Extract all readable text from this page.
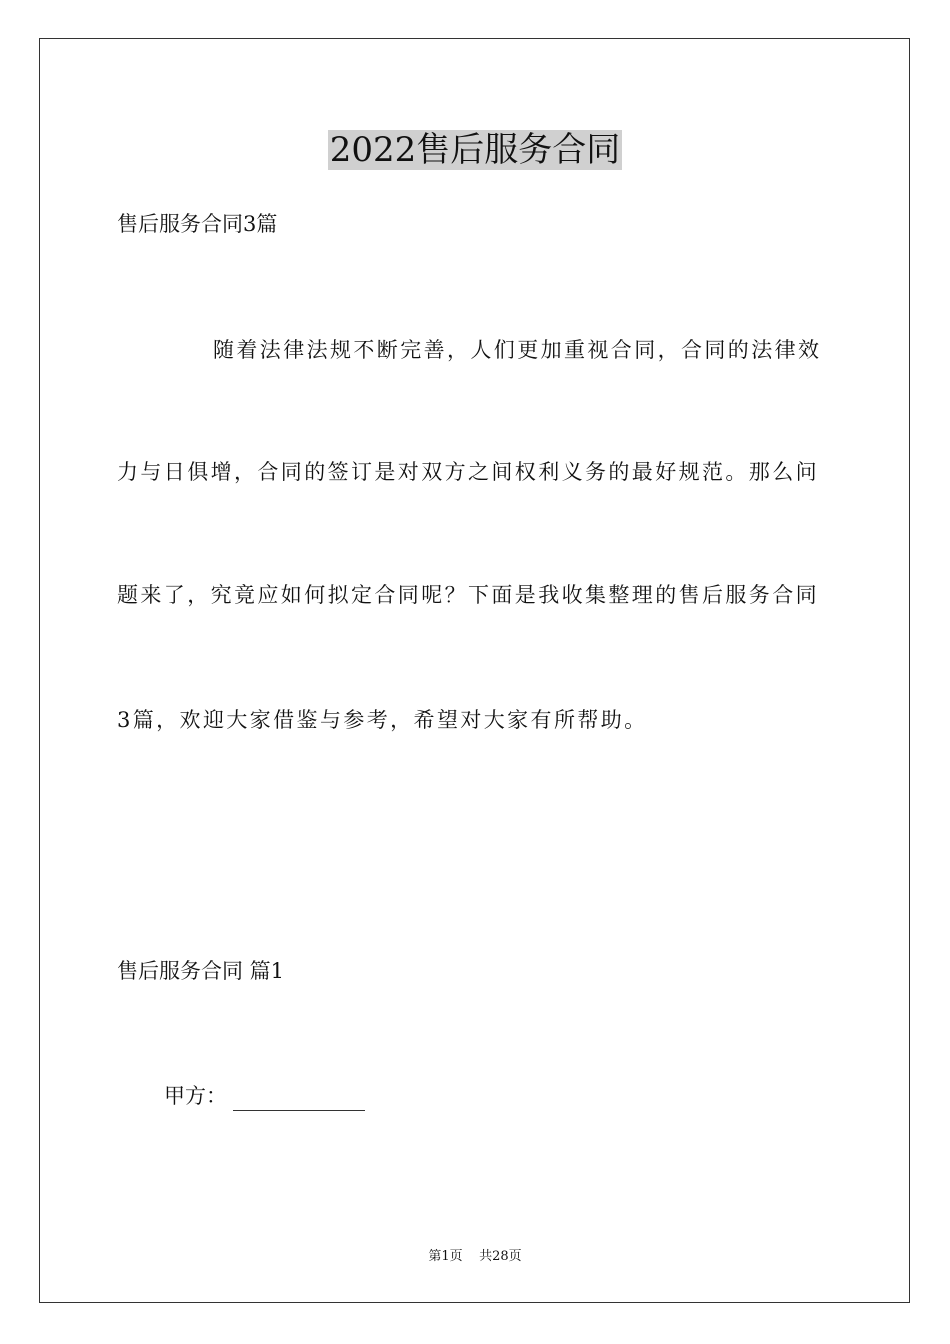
2022售后服务合同
售后服务合同3篇
随着法律法规不断完善，人们更加重视合同，合同的法律效
力与日俱增，合同的签订是对双方之间权利义务的最好规范。那么问
题来了，究竟应如何拟定合同呢？下面是我收集整理的售后服务合同
3篇，欢迎大家借鉴与参考，希望对大家有所帮助。
售后服务合同 篇1
甲方：
第1页    共28页
